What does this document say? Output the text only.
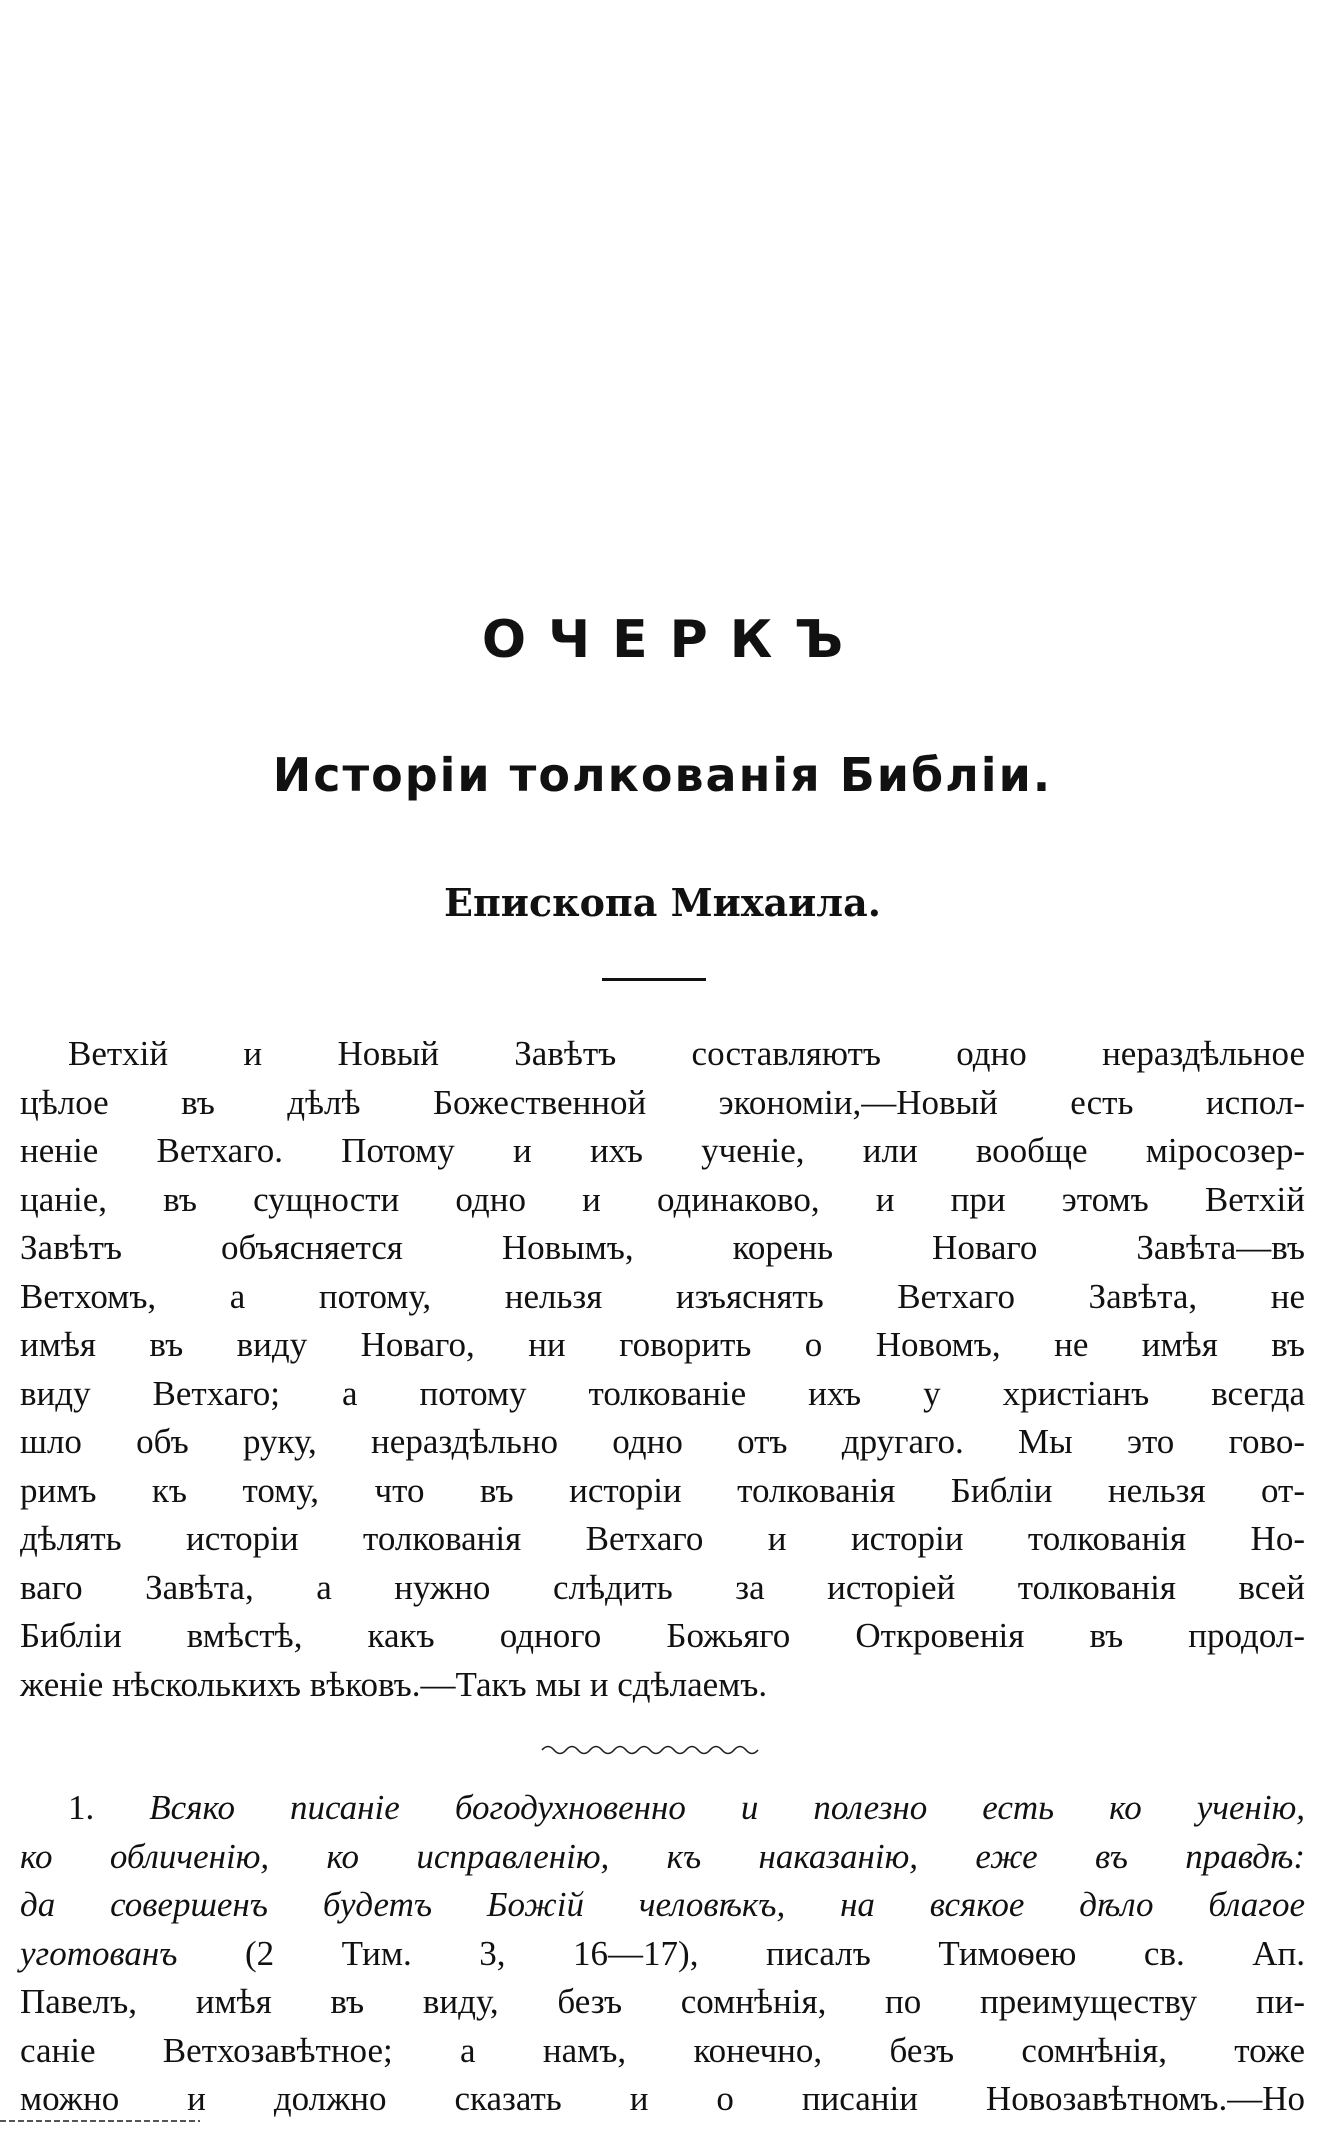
ОЧЕРКЪ
Исторіи толкованія Библіи.
Епископа Михаила.
Ветхій и Новый Завѣтъ составляютъ одно нераздѣльное
цѣлое въ дѣлѣ Божественной экономіи,—Новый есть испол-
неніе Ветхаго. Потому и ихъ ученіе, или вообще міросозер-
цаніе, въ сущности одно и одинаково, и при этомъ Ветхій
Завѣтъ объясняется Новымъ, корень Новаго Завѣта—въ
Ветхомъ, а потому, нельзя изъяснять Ветхаго Завѣта, не
имѣя въ виду Новаго, ни говорить о Новомъ, не имѣя въ
виду Ветхаго; а потому толкованіе ихъ у христіанъ всегда
шло объ руку, нераздѣльно одно отъ другаго. Мы это гово-
римъ къ тому, что въ исторіи толкованія Библіи нельзя от-
дѣлять исторіи толкованія Ветхаго и исторіи толкованія Но-
ваго Завѣта, а нужно слѣдить за исторіей толкованія всей
Библіи вмѣстѣ, какъ одного Божьяго Откровенія въ продол-
женіе нѣсколькихъ вѣковъ.—Такъ мы и сдѣлаемъ.
1. Всяко писаніе богодухновенно и полезно есть ко ученію,
ко обличенію, ко исправленію, къ наказанію, еже въ правдѣ:
да совершенъ будетъ Божій человѣкъ, на всякое дѣло благое
уготованъ (2 Тим. 3, 16—17), писалъ Тимоѳею св. Ап.
Павелъ, имѣя въ виду, безъ сомнѣнія, по преимуществу пи-
саніе Ветхозавѣтное; а намъ, конечно, безъ сомнѣнія, тоже
можно и должно сказать и о писаніи Новозавѣтномъ.—Но
